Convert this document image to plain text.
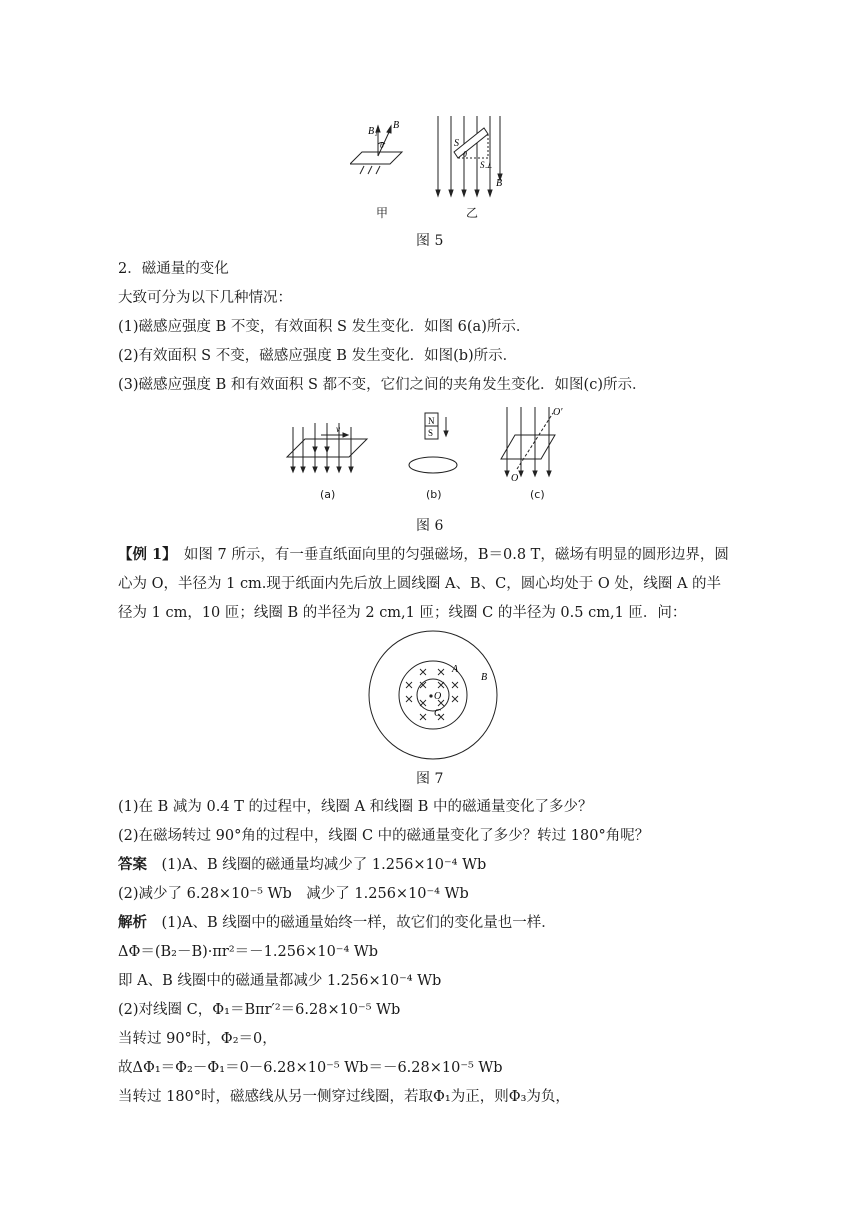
B₁
B
θ	S
θ
S⊥
B
甲	乙
图 5
2．磁通量的变化
大致可分为以下几种情况：
(1)磁感应强度 B 不变，有效面积 S 发生变化．如图 6(a)所示．
(2)有效面积 S 不变，磁感应强度 B 发生变化．如图(b)所示．
(3)磁感应强度 B 和有效面积 S 都不变，它们之间的夹角发生变化．如图(c)所示．
v
N
S
O′
O
(a)	(b)	(c)
图 6
【例 1】　 如图 7 所示，有一垂直纸面向里的匀强磁场，B＝0.8 T，磁场有明显的圆形边界，圆
心为 O，半径为 1 cm.现于纸面内先后放上圆线圈 A、B、C，圆心均处于 O 处，线圈 A 的半
径为 1 cm，10 匝；线圈 B 的半径为 2 cm,1 匝；线圈 C 的半径为 0.5 cm,1 匝．问：
A
B
C
O
图 7
(1)在 B 减为 0.4 T 的过程中，线圈 A 和线圈 B 中的磁通量变化了多少？
(2)在磁场转过 90°角的过程中，线圈 C 中的磁通量变化了多少？转过 180°角呢？
答案　 (1)A、B 线圈的磁通量均减少了 1.256×10⁻⁴ Wb
(2)减少了 6.28×10⁻⁵ Wb　减少了 1.256×10⁻⁴ Wb
解析　 (1)A、B 线圈中的磁通量始终一样，故它们的变化量也一样．
ΔΦ＝(B₂－B)·πr²＝－1.256×10⁻⁴ Wb
即 A、B 线圈中的磁通量都减少 1.256×10⁻⁴ Wb
(2)对线圈 C，Φ₁＝Bπr′²＝6.28×10⁻⁵ Wb
当转过 90°时，Φ₂＝0，
故ΔΦ₁＝Φ₂－Φ₁＝0－6.28×10⁻⁵ Wb＝－6.28×10⁻⁵ Wb
当转过 180°时，磁感线从另一侧穿过线圈，若取Φ₁为正，则Φ₃为负，
